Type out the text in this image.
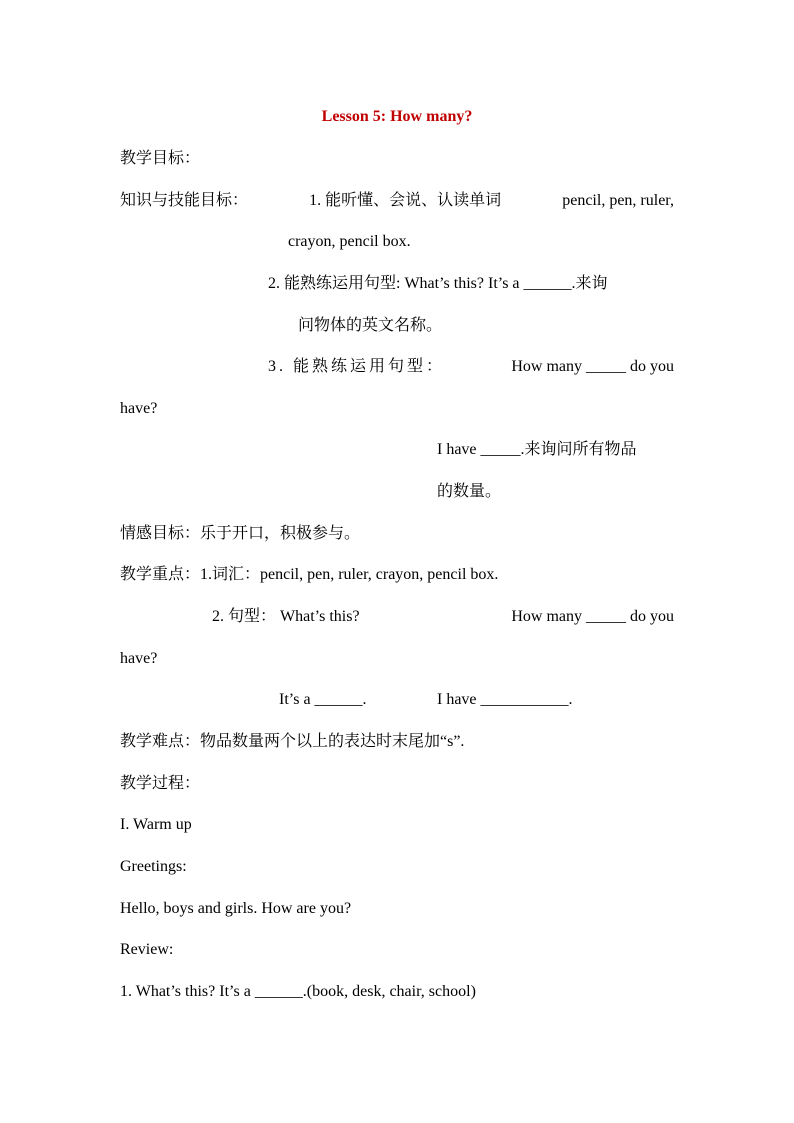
Lesson 5: How many?
教学目标：
知识与技能目标：	1. 能听懂、会说、认读单词	pencil, pen, ruler,
crayon, pencil box.
2. 能熟练运用句型: What’s this? It’s a ______.来询
问物体的英文名称。
3. 能熟练运用句型：	How many _____ do you
have?
I have _____.来询问所有物品
的数量。
情感目标：乐于开口，积极参与。
教学重点：1.词汇：pencil, pen, ruler, crayon, pencil box.
2. 句型： What’s this?	How many _____ do you
have?
It’s a ______.	I have ___________.
教学难点：物品数量两个以上的表达时末尾加“s”.
教学过程：
I. Warm up
Greetings:
Hello, boys and girls. How are you?
Review:
1. What’s this? It’s a ______.(book, desk, chair, school)
